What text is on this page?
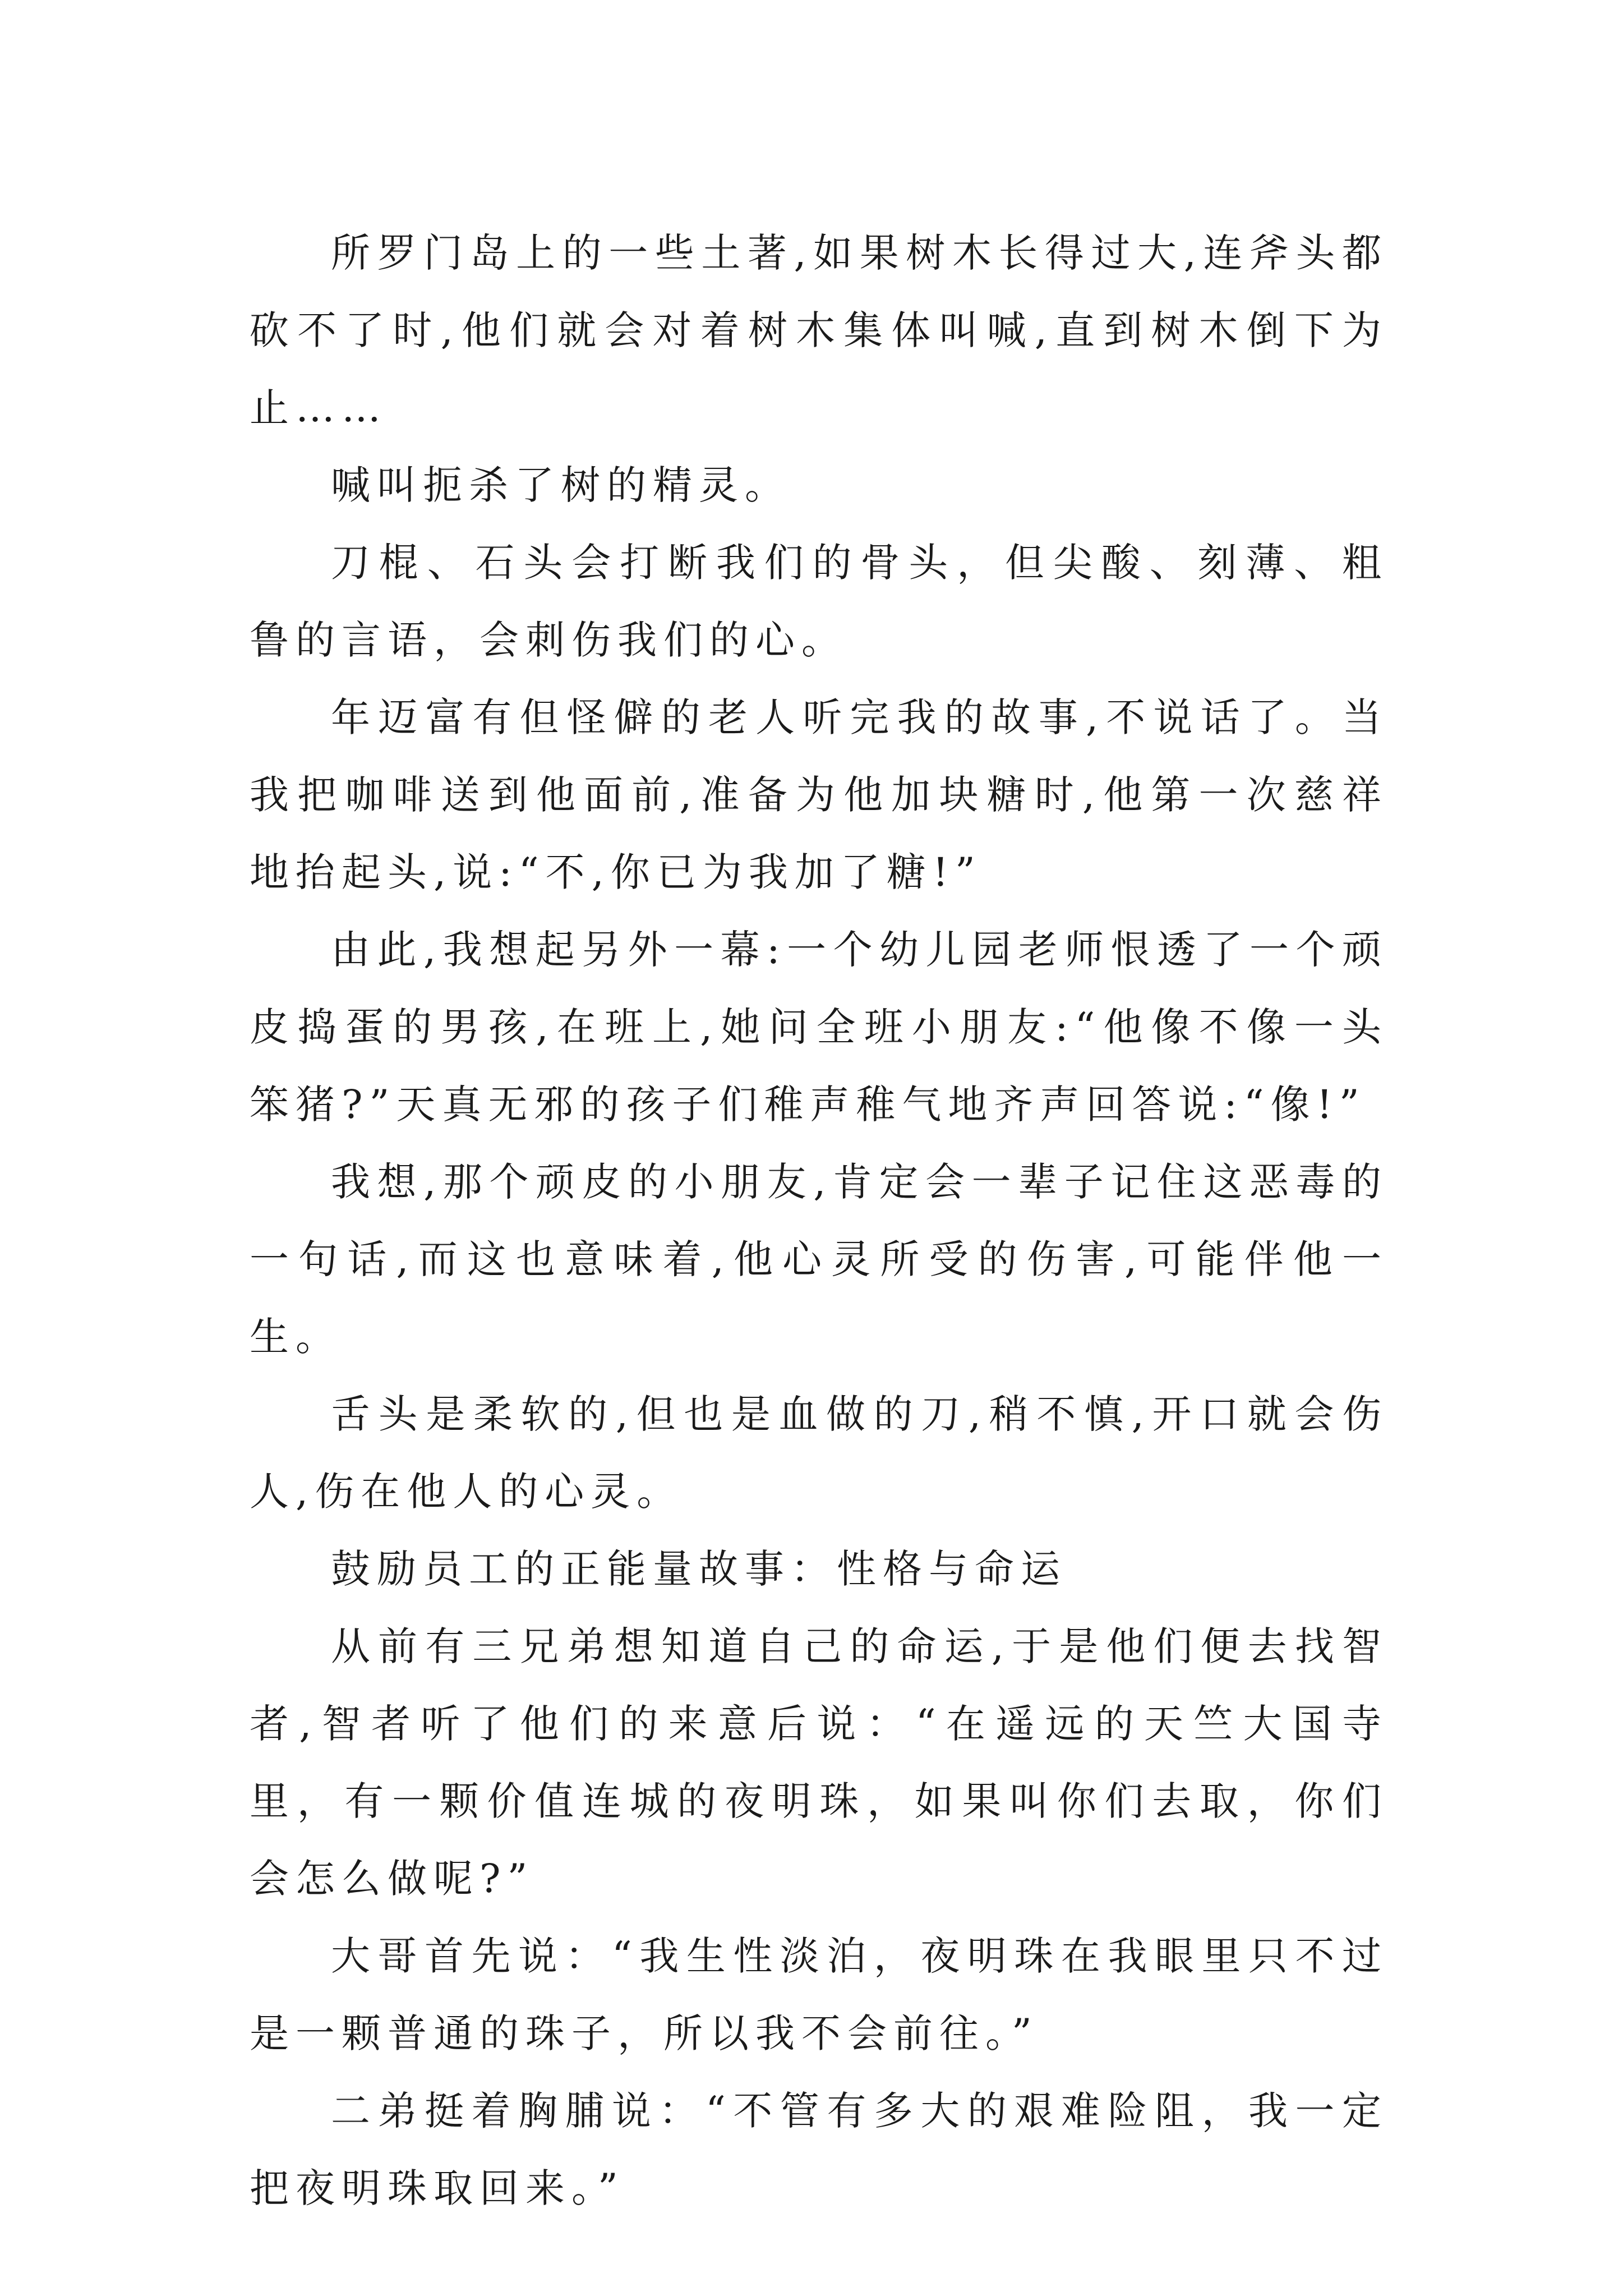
所罗门岛上的一些土著,如果树木长得过大,连斧头都砍不了时,他们就会对着树木集体叫喊,直到树木倒下为止……

喊叫扼杀了树的精灵。

刀棍、石头会打断我们的骨头，但尖酸、刻薄、粗鲁的言语，会刺伤我们的心。

年迈富有但怪僻的老人听完我的故事,不说话了。当我把咖啡送到他面前,准备为他加块糖时,他第一次慈祥地抬起头,说:“不,你已为我加了糖!”

由此,我想起另外一幕:一个幼儿园老师恨透了一个顽皮捣蛋的男孩,在班上,她问全班小朋友:“他像不像一头笨猪?”天真无邪的孩子们稚声稚气地齐声回答说:“像!”

我想,那个顽皮的小朋友,肯定会一辈子记住这恶毒的一句话,而这也意味着,他心灵所受的伤害,可能伴他一生。

舌头是柔软的,但也是血做的刀,稍不慎,开口就会伤人,伤在他人的心灵。

鼓励员工的正能量故事：性格与命运

从前有三兄弟想知道自己的命运,于是他们便去找智者,智者听了他们的来意后说：“在遥远的天竺大国寺里，有一颗价值连城的夜明珠，如果叫你们去取，你们会怎么做呢?”

大哥首先说：“我生性淡泊，夜明珠在我眼里只不过是一颗普通的珠子，所以我不会前往。”

二弟挺着胸脯说：“不管有多大的艰难险阻，我一定把夜明珠取回来。”
